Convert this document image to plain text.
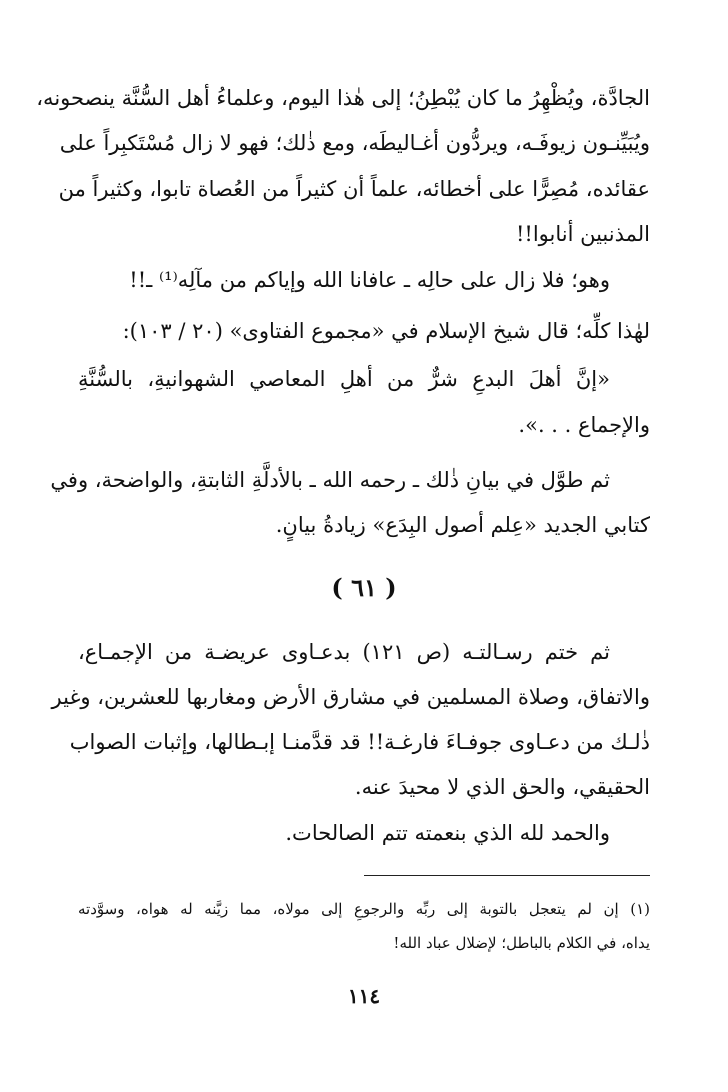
الجادَّة، ويُظْهِرُ ما كان يُبْطِنُ؛ إلى هٰذا اليوم، وعلماءُ أهل السُّنَّة ينصحونه،
ويُبَيِّنـون زيوفَـه، ويردُّون أغـاليطَه، ومع ذٰلك؛ فهو لا زال مُسْتَكبِراً على
عقائده، مُصِرًّا على أخطائه، علماً أن كثيراً من العُصاة تابوا، وكثيراً من
المذنبين أنابوا!!
وهو؛ فلا زال على حالِه ـ عافانا الله وإياكم من مآلِه⁽¹⁾ ـ!!
لهٰذا كلِّه؛ قال شيخ الإسلام في «مجموع الفتاوى» (٢٠ / ١٠٣):
«إنَّ أهلَ البدعِ شرٌّ من أهلِ المعاصي الشهوانيةِ، بالسُّنَّةِ
والإجماع . . .».
ثم طوَّل في بيانِ ذٰلك ـ رحمه الله ـ بالأدلَّةِ الثابتةِ، والواضحة، وفي
كتابي الجديد «عِلم أصول البِدَع» زيادةُ بيانٍ.
( ٦١ )
ثم ختم رسـالتـه (ص ١٢١) بدعـاوى عريضـة من الإجمـاع،
والاتفاق، وصلاة المسلمين في مشارق الأرض ومغاربها للعشرين، وغير
ذٰلـك من دعـاوى جوفـاءَ فارغـة!! قد قدَّمنـا إبـطالها، وإثبات الصواب
الحقيقي، والحق الذي لا محيدَ عنه.
والحمد لله الذي بنعمته تتم الصالحات.
(١) إن لم يتعجل بالتوبة إلى ربِّه والرجوعِ إلى مولاه، مما زيَّنه له هواه، وسوَّدته
يداه، في الكلام بالباطل؛ لإضلال عباد الله!
١١٤
